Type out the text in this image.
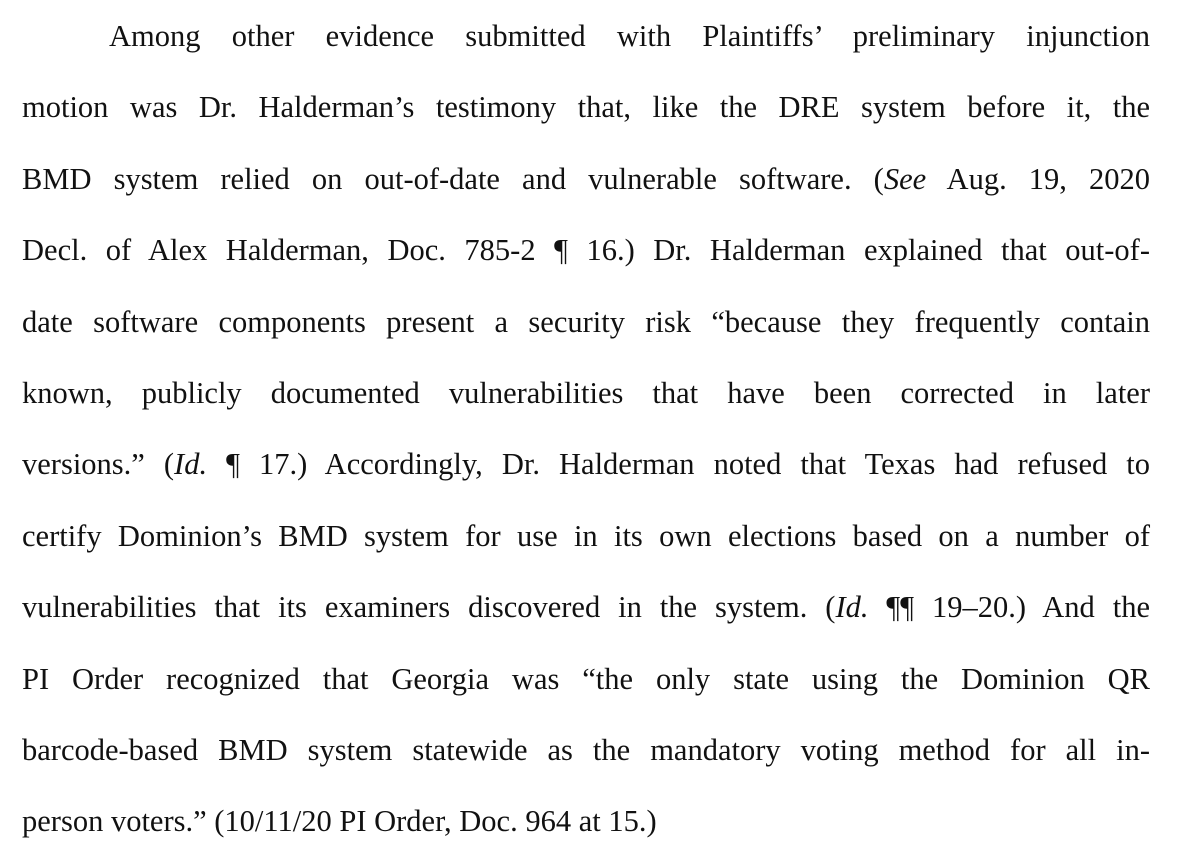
Among other evidence submitted with Plaintiffs’ preliminary injunction
motion was Dr. Halderman’s testimony that, like the DRE system before it, the
BMD system relied on out-of-date and vulnerable software. (See Aug. 19, 2020
Decl. of Alex Halderman, Doc. 785-2 ¶ 16.) Dr. Halderman explained that out-of-
date software components present a security risk “because they frequently contain
known, publicly documented vulnerabilities that have been corrected in later
versions.” (Id. ¶ 17.) Accordingly, Dr. Halderman noted that Texas had refused to
certify Dominion’s BMD system for use in its own elections based on a number of
vulnerabilities that its examiners discovered in the system. (Id. ¶¶ 19–20.) And the
PI Order recognized that Georgia was “the only state using the Dominion QR
barcode-based BMD system statewide as the mandatory voting method for all in-
person voters.” (10/11/20 PI Order, Doc. 964 at 15.)
